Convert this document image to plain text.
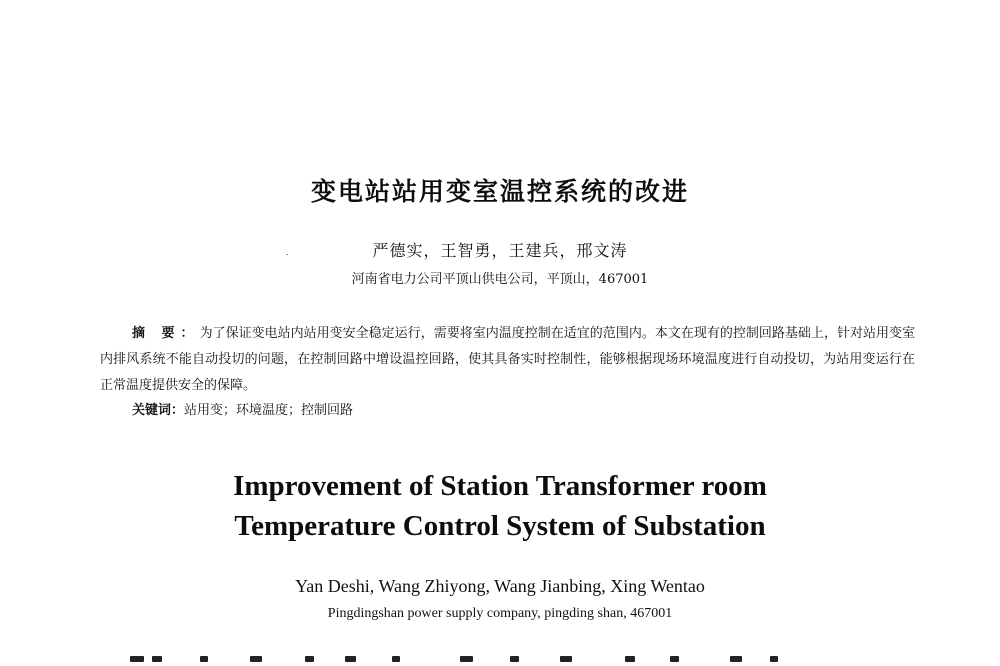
变电站站用变室温控系统的改进
严德实，王智勇，王建兵，邢文涛
河南省电力公司平顶山供电公司，平顶山，467001
摘 要：为了保证变电站内站用变安全稳定运行，需要将室内温度控制在适宜的范围内。本文在现有的控制回路基础上，针对站用变室内排风系统不能自动投切的问题，在控制回路中增设温控回路，使其具备实时控制性，能够根据现场环境温度进行自动投切，为站用变运行在正常温度提供安全的保障。
关键词：站用变；环境温度；控制回路
Improvement of Station Transformer room
Temperature Control System of Substation
Yan Deshi, Wang Zhiyong, Wang Jianbing, Xing Wentao
Pingdingshan power supply company, pingding shan, 467001
